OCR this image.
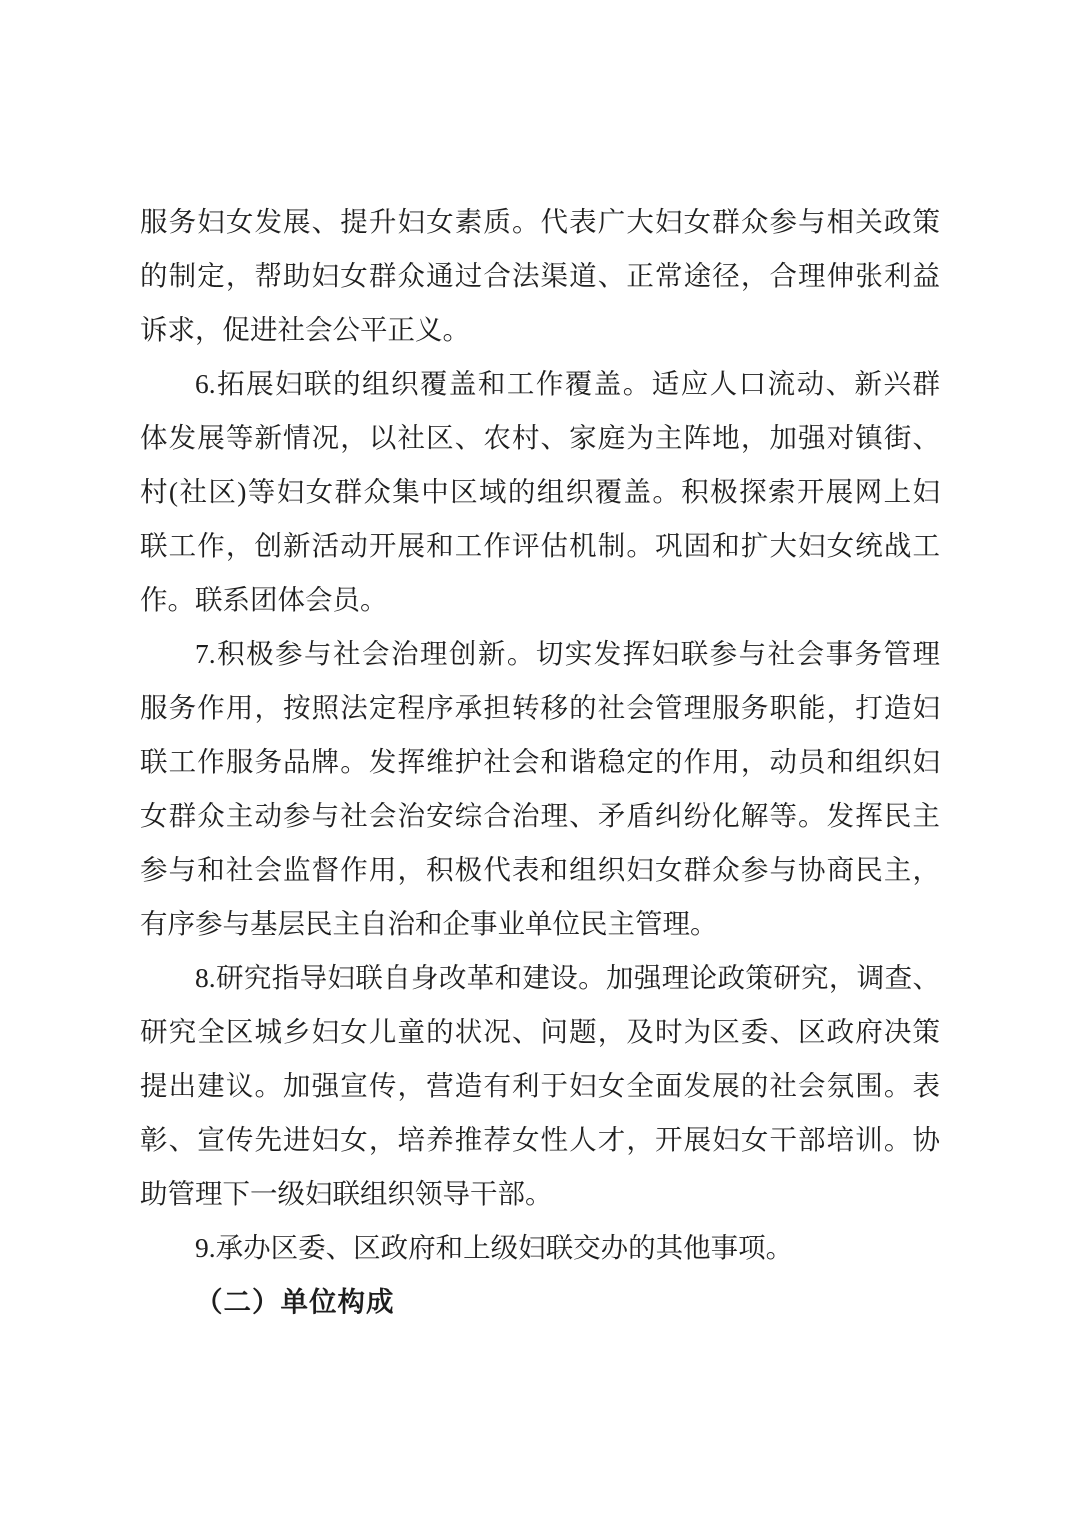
服务妇女发展、提升妇女素质。代表广大妇女群众参与相关政策
的制定，帮助妇女群众通过合法渠道、正常途径，合理伸张利益
诉求，促进社会公平正义。
6.拓展妇联的组织覆盖和工作覆盖。适应人口流动、新兴群
体发展等新情况，以社区、农村、家庭为主阵地，加强对镇街、
村(社区)等妇女群众集中区域的组织覆盖。积极探索开展网上妇
联工作，创新活动开展和工作评估机制。巩固和扩大妇女统战工
作。联系团体会员。
7.积极参与社会治理创新。切实发挥妇联参与社会事务管理
服务作用，按照法定程序承担转移的社会管理服务职能，打造妇
联工作服务品牌。发挥维护社会和谐稳定的作用，动员和组织妇
女群众主动参与社会治安综合治理、矛盾纠纷化解等。发挥民主
参与和社会监督作用，积极代表和组织妇女群众参与协商民主，
有序参与基层民主自治和企事业单位民主管理。
8.研究指导妇联自身改革和建设。加强理论政策研究，调查、
研究全区城乡妇女儿童的状况、问题，及时为区委、区政府决策
提出建议。加强宣传，营造有利于妇女全面发展的社会氛围。表
彰、宣传先进妇女，培养推荐女性人才，开展妇女干部培训。协
助管理下一级妇联组织领导干部。
9.承办区委、区政府和上级妇联交办的其他事项。
（二）单位构成
